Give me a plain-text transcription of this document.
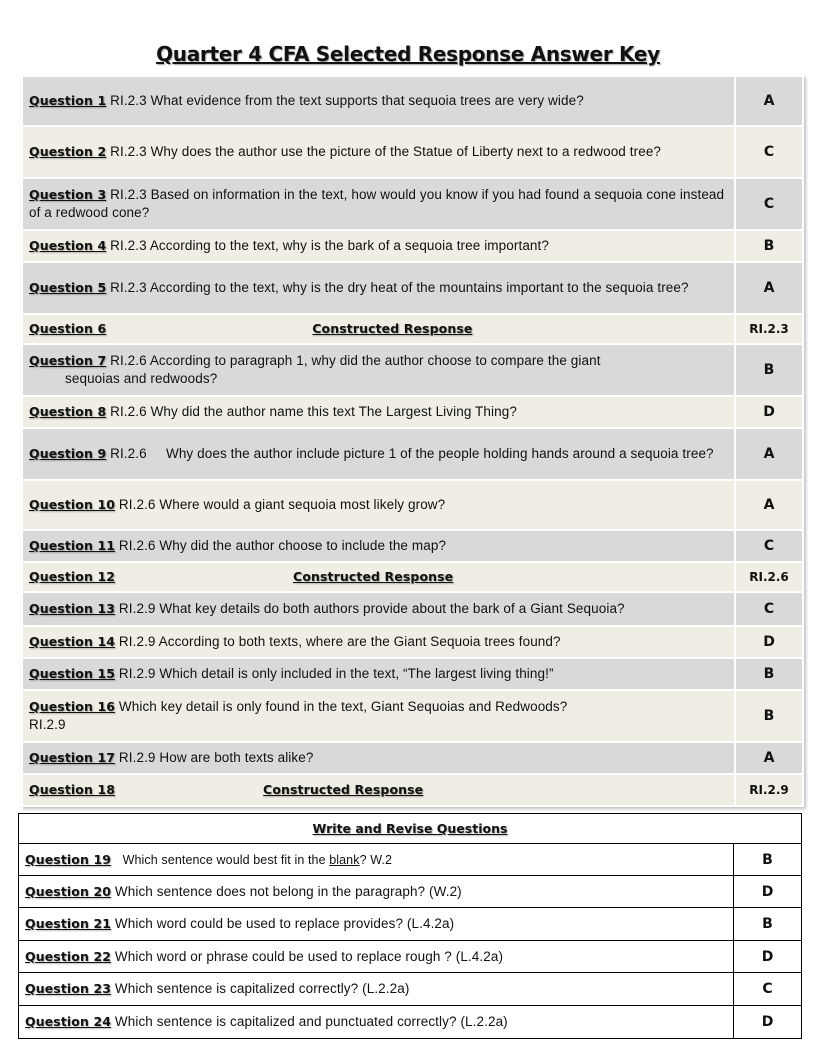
Quarter 4 CFA Selected Response Answer Key
Question 1 RI.2.3 What evidence from the text supports that sequoia trees are very wide?	A
Question 2 RI.2.3 Why does the author use the picture of the Statue of Liberty next to a redwood tree?	C
Question 3 RI.2.3 Based on information in the text, how would you know if you had found a sequoia cone instead of a redwood cone?	C
Question 4 RI.2.3 According to the text, why is the bark of a sequoia tree important?	B
Question 5 RI.2.3 According to the text, why is the dry heat of the mountains important to the sequoia tree?	A
Question 6 Constructed Response	RI.2.3
Question 7 RI.2.6 According to paragraph 1, why did the author choose to compare the giant
sequoias and redwoods?	B
Question 8 RI.2.6 Why did the author name this text The Largest Living Thing?	D
Question 9 RI.2.6     Why does the author include picture 1 of the people holding hands around a sequoia tree?	A
Question 10 RI.2.6 Where would a giant sequoia most likely grow?	A
Question 11 RI.2.6 Why did the author choose to include the map?	C
Question 12 Constructed Response	RI.2.6
Question 13 RI.2.9 What key details do both authors provide about the bark of a Giant Sequoia?	C
Question 14 RI.2.9 According to both texts, where are the Giant Sequoia trees found?	D
Question 15 RI.2.9 Which detail is only included in the text, “The largest living thing!”	B
Question 16 Which key detail is only found in the text, Giant Sequoias and Redwoods?
RI.2.9	B
Question 17 RI.2.9 How are both texts alike?	A
Question 18 Constructed Response	RI.2.9
Write and Revise Questions	
Question 19 Which sentence would best fit in the blank? W.2	B
Question 20 Which sentence does not belong in the paragraph? (W.2)	D
Question 21 Which word could be used to replace provides? (L.4.2a)	B
Question 22 Which word or phrase could be used to replace rough ? (L.4.2a)	D
Question 23 Which sentence is capitalized correctly? (L.2.2a)	C
Question 24 Which sentence is capitalized and punctuated correctly? (L.2.2a)	D
